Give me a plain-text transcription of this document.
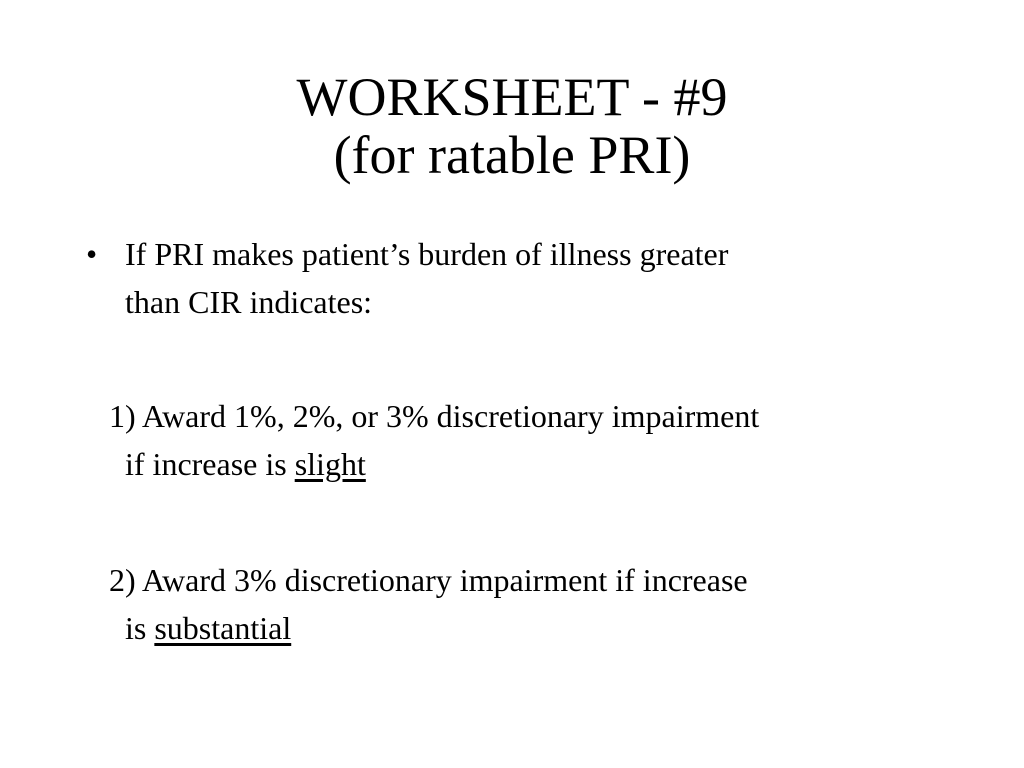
WORKSHEET - #9
(for ratable PRI)
• If PRI makes patient’s burden of illness greater
than CIR indicates:
1) Award 1%, 2%, or 3% discretionary impairment
if increase is slight
2) Award 3% discretionary impairment if increase
is substantial
